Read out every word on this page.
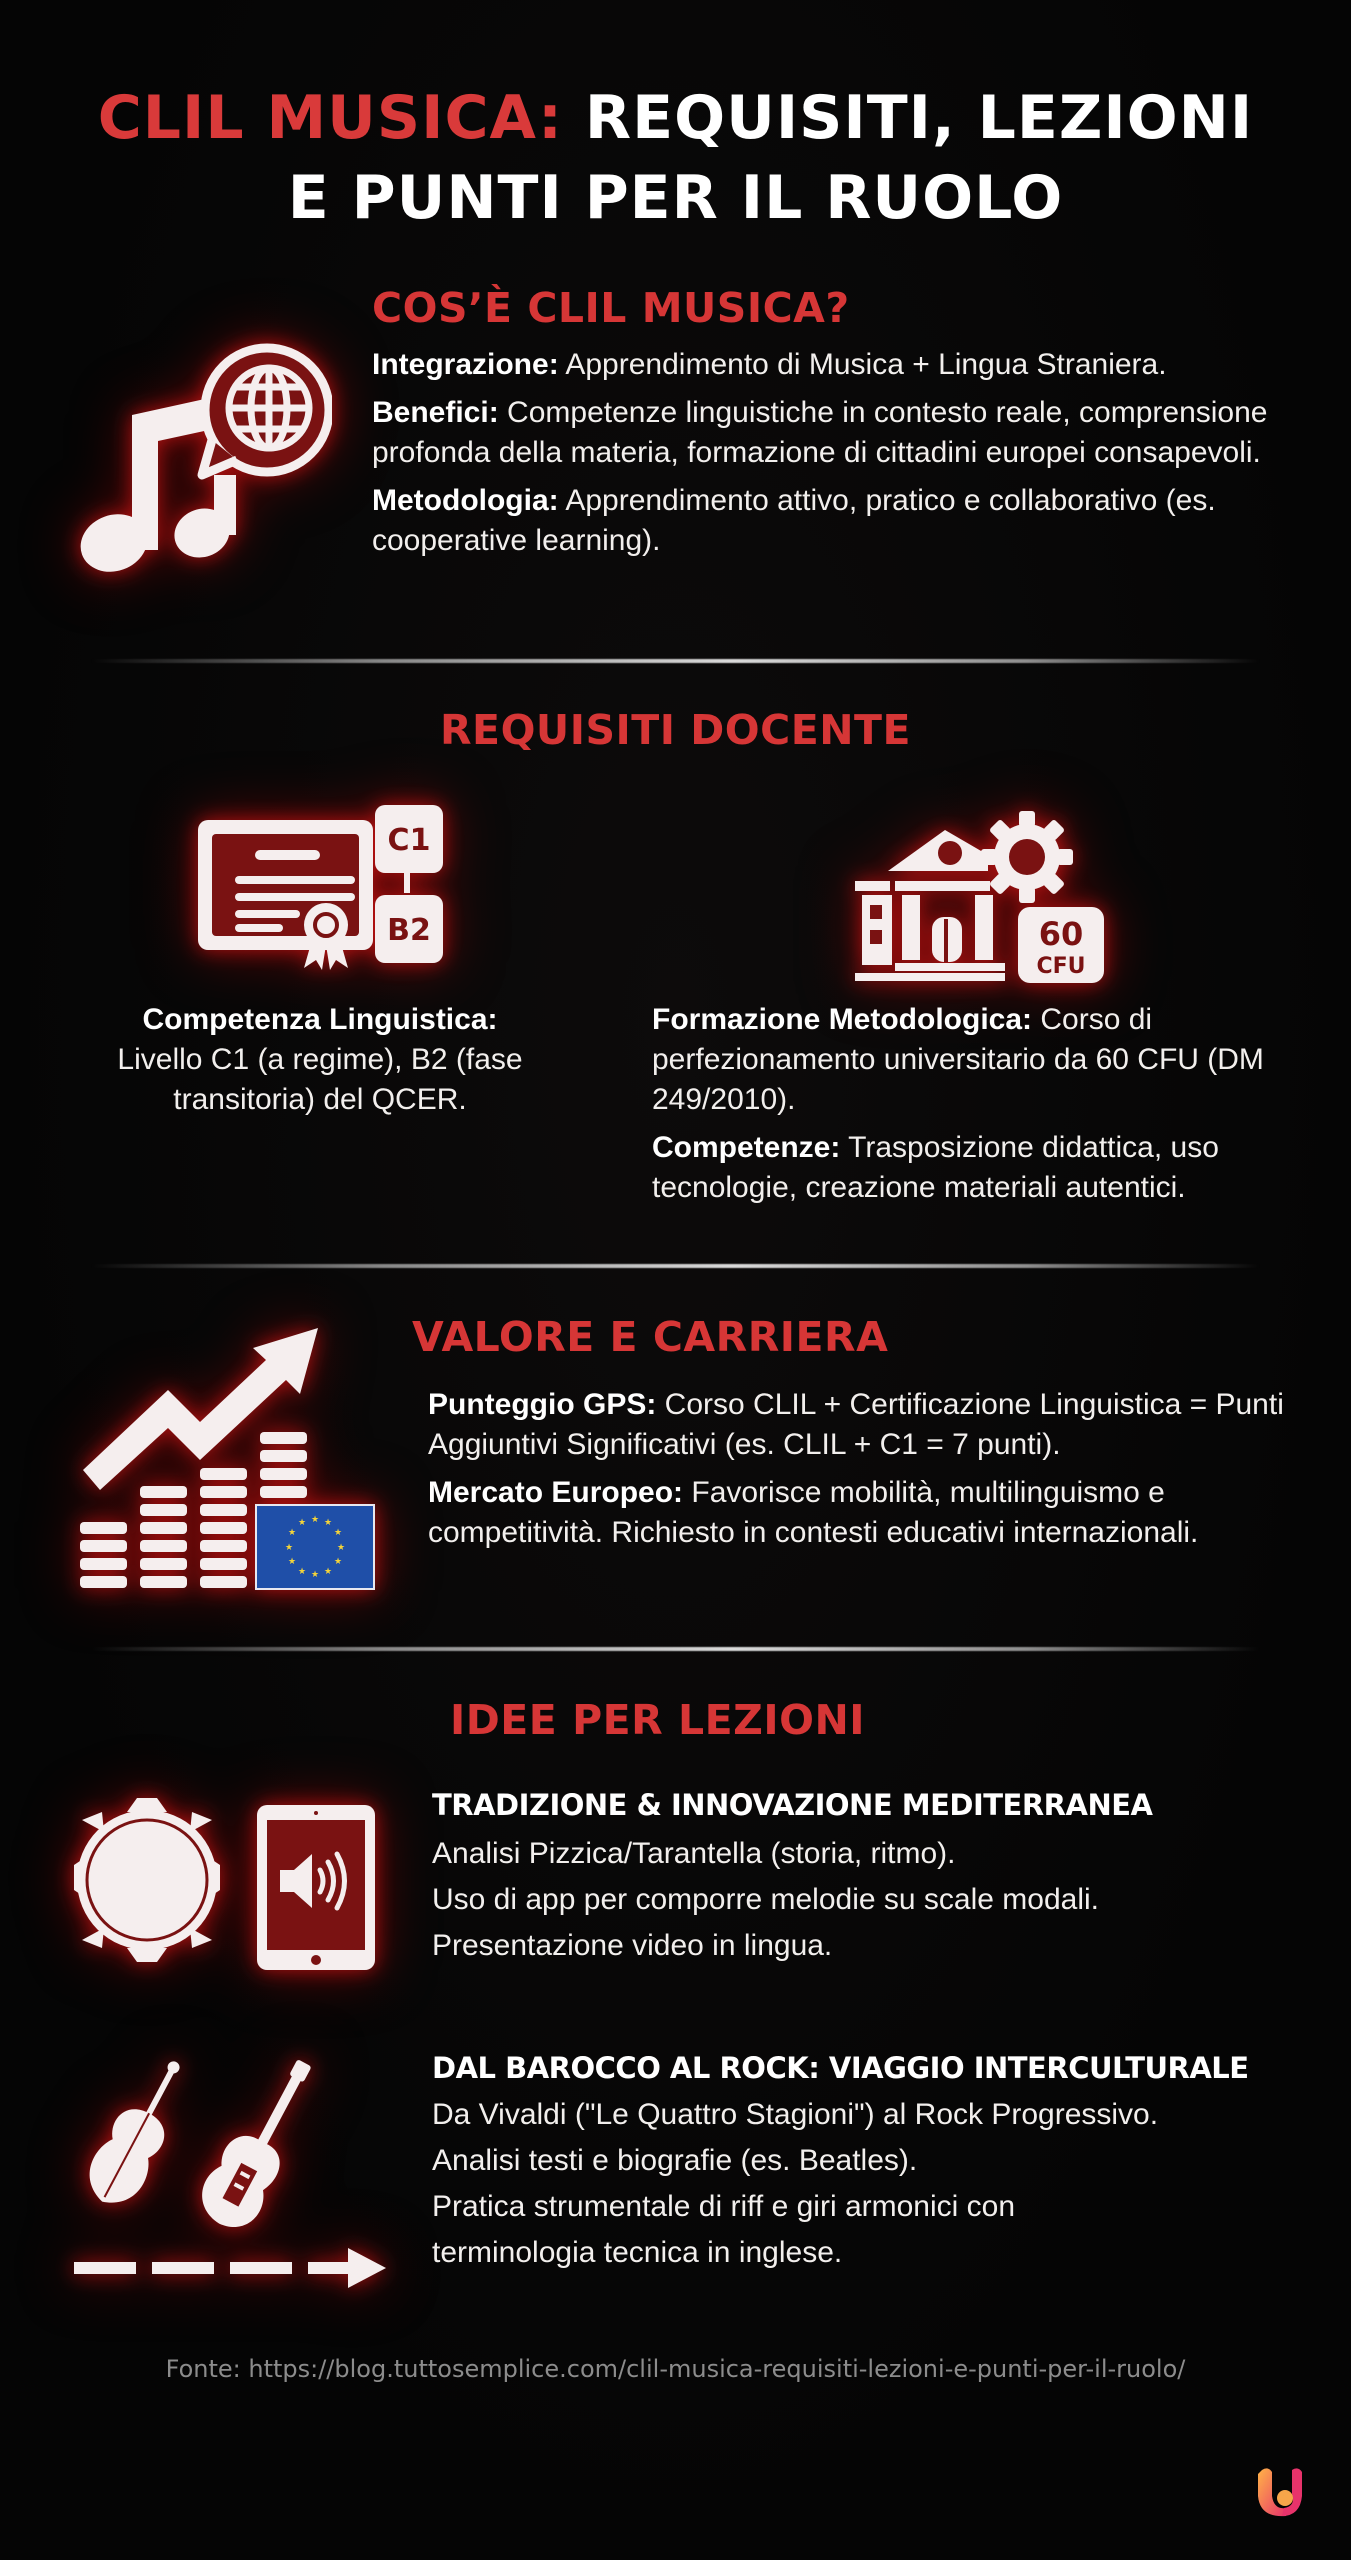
CLIL MUSICA: REQUISITI, LEZIONI
E PUNTI PER IL RUOLO
COS’È CLIL MUSICA?
Integrazione: Apprendimento di Musica + Lingua Straniera.
Benefici: Competenze linguistiche in contesto reale, comprensione profonda della materia, formazione di cittadini europei consapevoli.
Metodologia: Apprendimento attivo, pratico e collaborativo (es. cooperative learning).
REQUISITI DOCENTE
C1
B2	60
CFU
Competenza Linguistica:
Livello C1 (a regime), B2 (fase transitoria) del QCER.
Formazione Metodologica: Corso di perfezionamento universitario da 60 CFU (DM 249/2010).
Competenze: Trasposizione didattica, uso tecnologie, creazione materiali autentici.
★ ★
★
★
★
★
★
★
★
★
★
★
VALORE E CARRIERA
Punteggio GPS: Corso CLIL + Certificazione Linguistica = Punti Aggiuntivi Significativi (es. CLIL + C1 = 7 punti).
Mercato Europeo: Favorisce mobilità, multilinguismo e competitività. Richiesto in contesti educativi internazionali.
IDEE PER LEZIONI
TRADIZIONE & INNOVAZIONE MEDITERRANEA
Analisi Pizzica/Tarantella (storia, ritmo).
Uso di app per comporre melodie su scale modali.
Presentazione video in lingua.
DAL BAROCCO AL ROCK: VIAGGIO INTERCULTURALE
Da Vivaldi ("Le Quattro Stagioni") al Rock Progressivo.
Analisi testi e biografie (es. Beatles).
Pratica strumentale di riff e giri armonici con terminologia tecnica in inglese.
Fonte: https://blog.tuttosemplice.com/clil-musica-requisiti-lezioni-e-punti-per-il-ruolo/
